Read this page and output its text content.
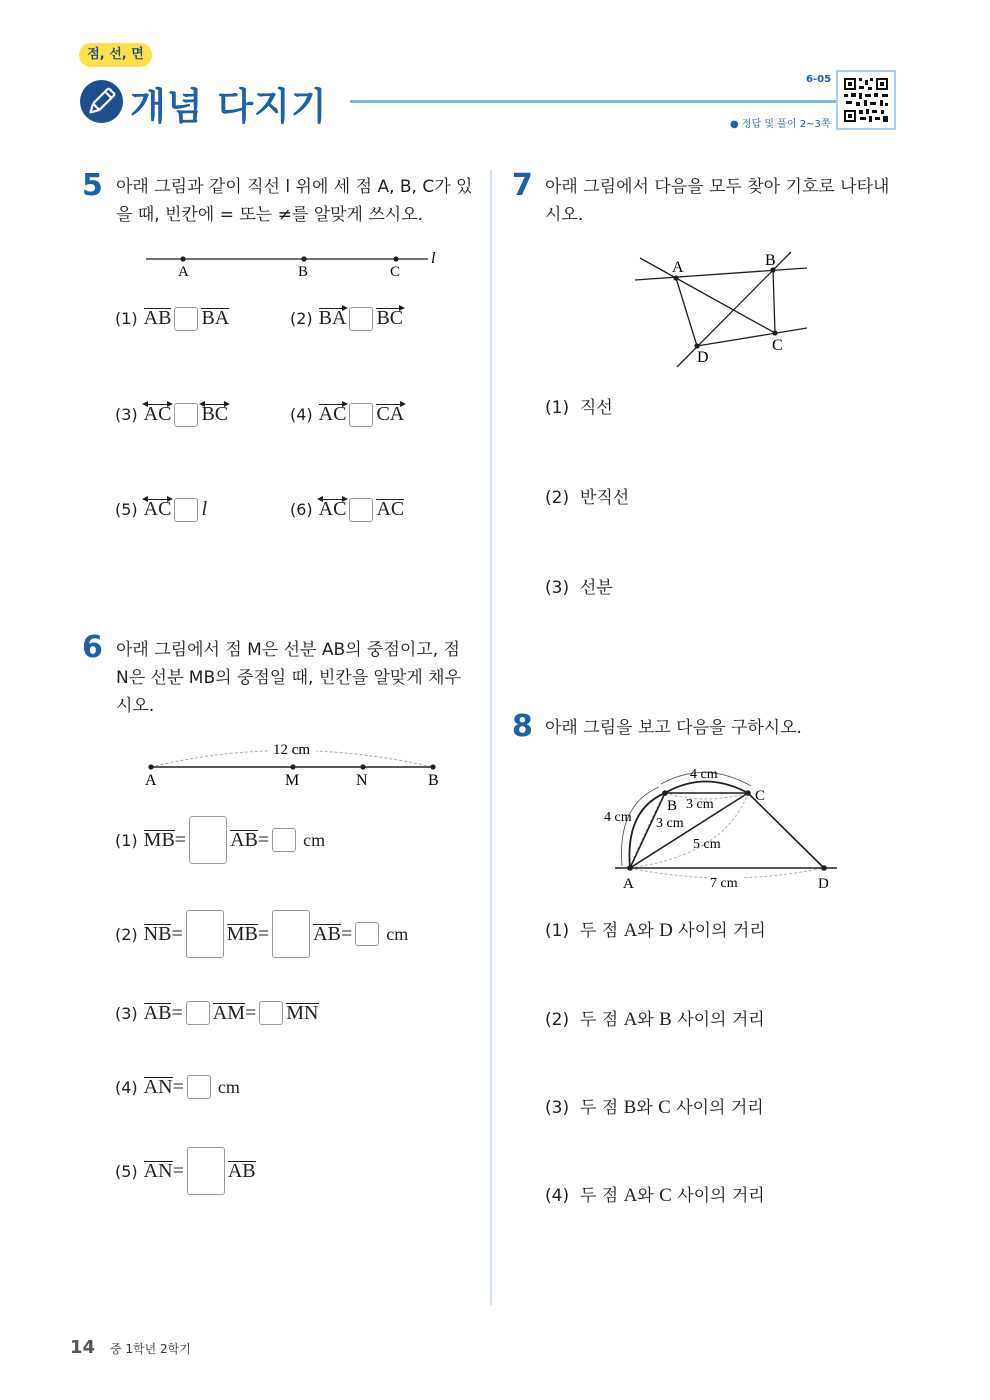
점, 선, 면
개념 다지기
6-05
● 정답 및 풀이 2~3쪽
5 아래 그림과 같이 직선 l 위에 세 점 A, B, C가 있
을 때, 빈칸에 = 또는 ≠를 알맞게 쓰시오.
A	B	C
l
(1) AB BA	(2) BA BC
(3) AC BC	(4) AC CA
(5) AC l	(6) AC AC
6 아래 그림에서 점 M은 선분 AB의 중점이고, 점
N은 선분 MB의 중점일 때, 빈칸을 알맞게 채우
시오.
12 cm
A	M	N	B
(1) MB = AB = cm
(2) NB = MB = AB = cm
(3) AB = AM = MN
(4) AN = cm
(5) AN = AB
7 아래 그림에서 다음을 모두 찾아 기호로 나타내
시오.
A	B
C
D
(1) 직선
(2) 반직선
(3) 선분
8 아래 그림을 보고 다음을 구하시오.
A
B
C
D
4 cm
4 cm
3 cm
3 cm
5 cm
7 cm
(1) 두 점 A와 D 사이의 거리
(2) 두 점 A와 B 사이의 거리
(3) 두 점 B와 C 사이의 거리
(4) 두 점 A와 C 사이의 거리
14 중 1학년 2학기
